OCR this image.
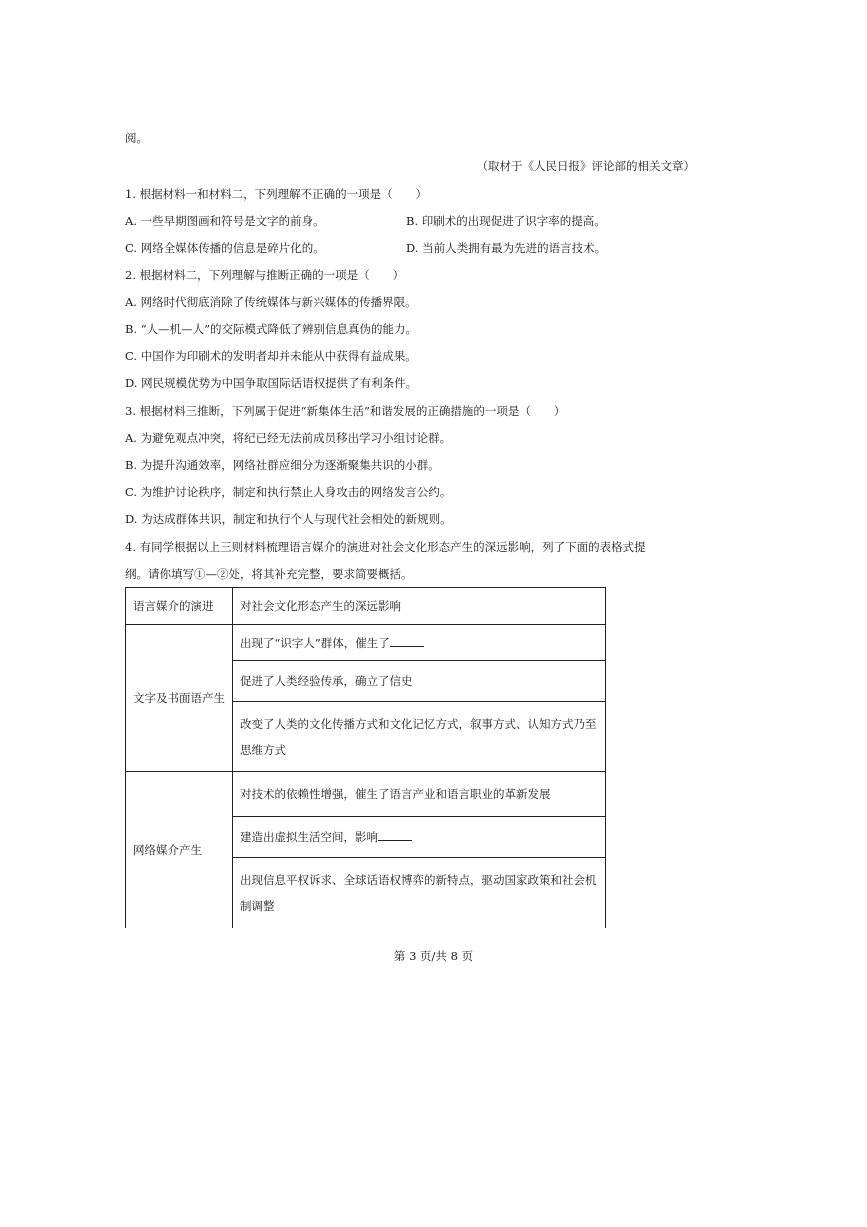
阅。
（取材于《人民日报》评论部的相关文章）
1. 根据材料一和材料二，下列理解不正确的一项是（　　）
A. 一些早期图画和符号是文字的前身。	B. 印刷术的出现促进了识字率的提高。
C. 网络全媒体传播的信息是碎片化的。	D. 当前人类拥有最为先进的语言技术。
2. 根据材料二，下列理解与推断正确的一项是（　　）
A. 网络时代彻底消除了传统媒体与新兴媒体的传播界限。
B. “人—机—人”的交际模式降低了辨别信息真伪的能力。
C. 中国作为印刷术的发明者却并未能从中获得有益成果。
D. 网民规模优势为中国争取国际话语权提供了有利条件。
3. 根据材料三推断，下列属于促进“新集体生活”和谐发展的正确措施的一项是（　　）
A. 为避免观点冲突，将纪已经无法前成员移出学习小组讨论群。
B. 为提升沟通效率，网络社群应细分为逐渐聚集共识的小群。
C. 为维护讨论秩序，制定和执行禁止人身攻击的网络发言公约。
D. 为达成群体共识，制定和执行个人与现代社会相处的新规则。
4. 有同学根据以上三则材料梳理语言媒介的演进对社会文化形态产生的深远影响，列了下面的表格式提
纲。请你填写①—②处，将其补充完整，要求简要概括。
语言媒介的演进	对社会文化形态产生的深远影响
文字及书面语产生	出现了“识字人”群体，催生了
	促进了人类经验传承，确立了信史
	改变了人类的文化传播方式和文化记忆方式，叙事方式、认知方式乃至思维方式
网络媒介产生	对技术的依赖性增强，催生了语言产业和语言职业的革新发展
	建造出虚拟生活空间，影响
	出现信息平权诉求、全球话语权博弈的新特点，驱动国家政策和社会机制调整
第 3 页/共 8 页
